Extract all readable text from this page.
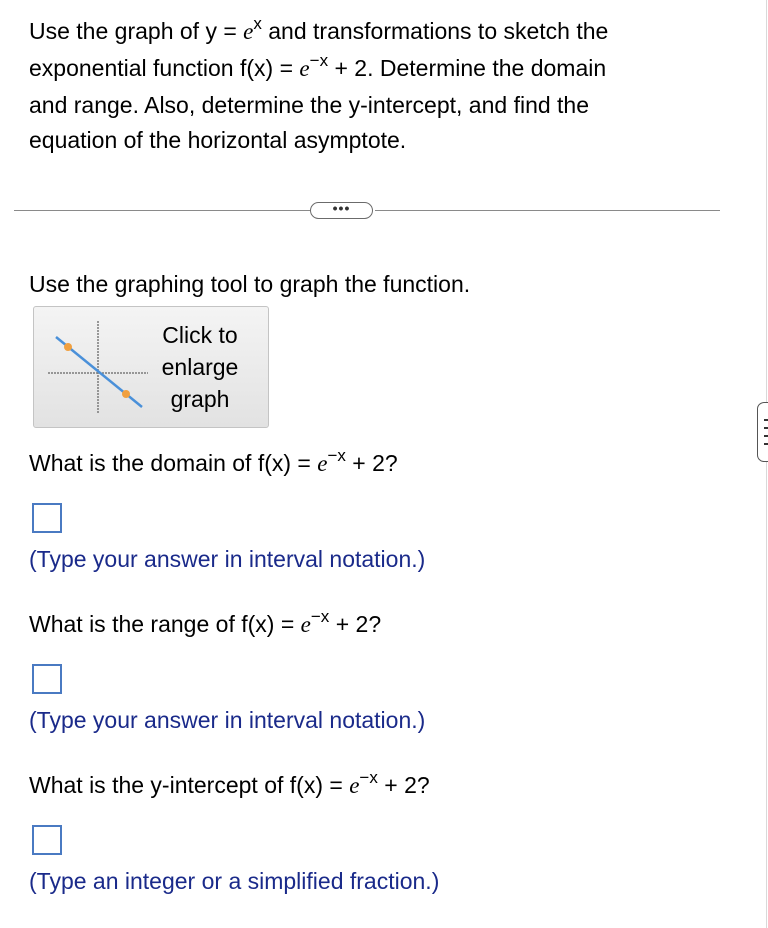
Use the graph of $y = e^x$ and transformations to sketch the
exponential function $f(x) = e^{-x} + 2$. Determine the domain
and range. Also, determine the y-intercept, and find the
equation of the horizontal asymptote.
•••
Use the graphing tool to graph the function.
Click to
enlarge
graph
What is the domain of $f(x) = e^{-x} + 2$?
(Type your answer in interval notation.)
What is the range of $f(x) = e^{-x} + 2$?
(Type your answer in interval notation.)
What is the y-intercept of $f(x) = e^{-x} + 2$?
(Type an integer or a simplified fraction.)
